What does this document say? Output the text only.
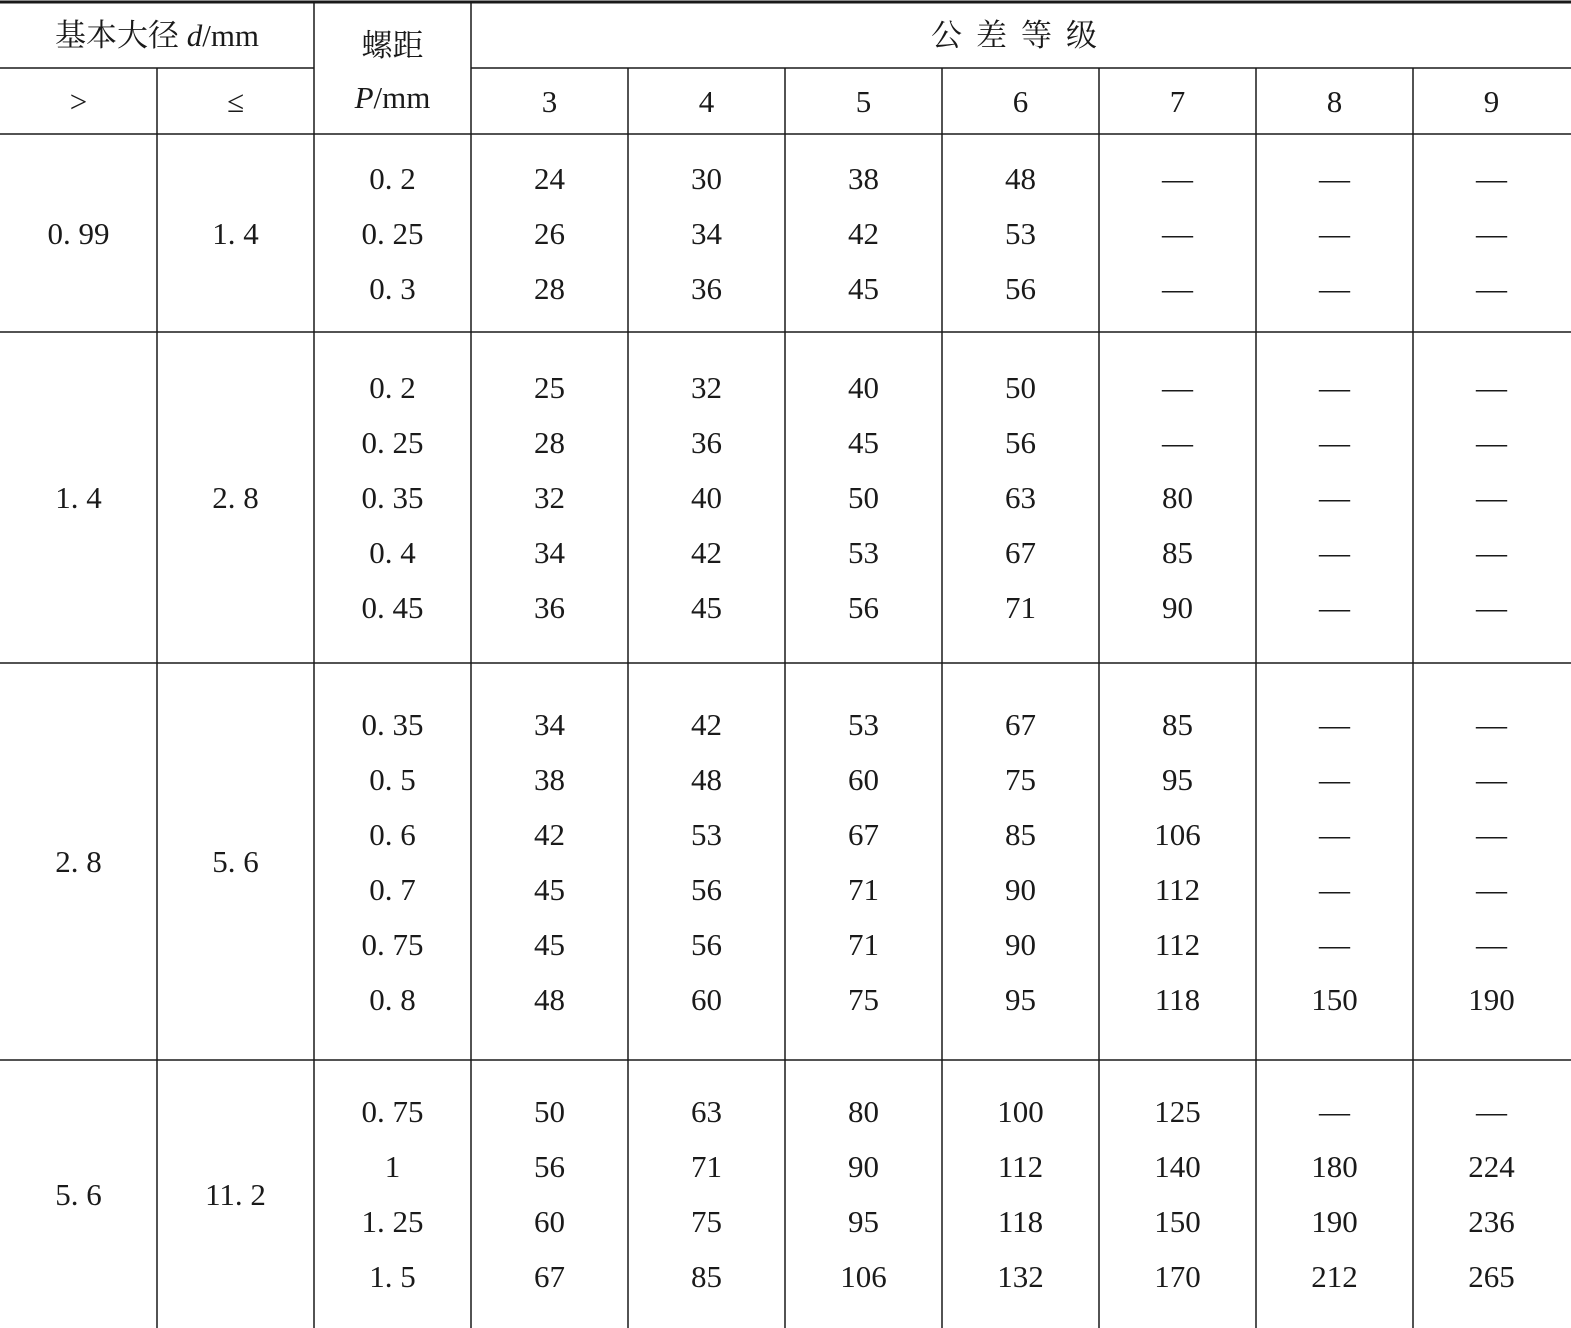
基本大径
d /mm	螺距
P/mm
公差等级
>	≤	3	4	5	6	7	8	9
0. 99	1. 4
0. 2	24	30	38	48	—	—	—
0. 25	26	34	42	53	—	—	—
0. 3	28	36	45	56	—	—	—
1. 4	2. 8
0. 2	25	32	40	50	—	—	—
0. 25	28	36	45	56	—	—	—
0. 35	32	40	50	63	80	—	—
0. 4	34	42	53	67	85	—	—
0. 45	36	45	56	71	90	—	—
2. 8	5. 6
0. 35	34	42	53	67	85	—	—
0. 5	38	48	60	75	95	—	—
0. 6	42	53	67	85	106	—	—
0. 7	45	56	71	90	112	—	—
0. 75	45	56	71	90	112	—	—
0. 8	48	60	75	95	118	150	190
5. 6	11. 2
0. 75	50	63	80	100	125	—	—
1	56	71	90	112	140	180	224
1. 25	60	75	95	118	150	190	236
1. 5	67	85	106	132	170	212	265
